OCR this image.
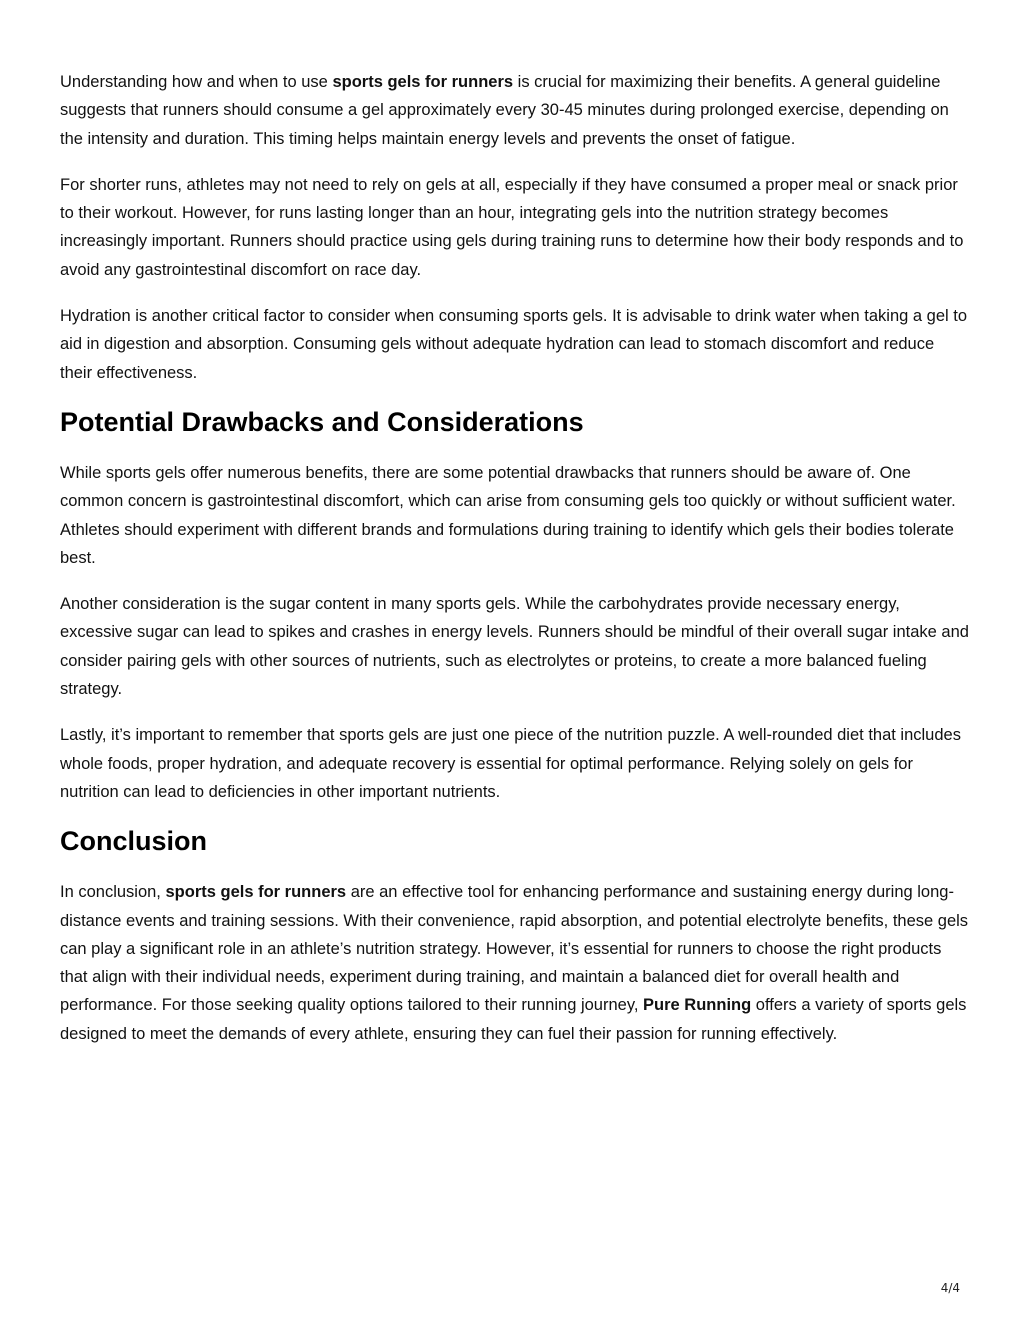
Understanding how and when to use sports gels for runners is crucial for maximizing their benefits. A general guideline suggests that runners should consume a gel approximately every 30-45 minutes during prolonged exercise, depending on the intensity and duration. This timing helps maintain energy levels and prevents the onset of fatigue.

For shorter runs, athletes may not need to rely on gels at all, especially if they have consumed a proper meal or snack prior to their workout. However, for runs lasting longer than an hour, integrating gels into the nutrition strategy becomes increasingly important. Runners should practice using gels during training runs to determine how their body responds and to avoid any gastrointestinal discomfort on race day.

Hydration is another critical factor to consider when consuming sports gels. It is advisable to drink water when taking a gel to aid in digestion and absorption. Consuming gels without adequate hydration can lead to stomach discomfort and reduce their effectiveness.

Potential Drawbacks and Considerations

While sports gels offer numerous benefits, there are some potential drawbacks that runners should be aware of. One common concern is gastrointestinal discomfort, which can arise from consuming gels too quickly or without sufficient water. Athletes should experiment with different brands and formulations during training to identify which gels their bodies tolerate best.

Another consideration is the sugar content in many sports gels. While the carbohydrates provide necessary energy, excessive sugar can lead to spikes and crashes in energy levels. Runners should be mindful of their overall sugar intake and consider pairing gels with other sources of nutrients, such as electrolytes or proteins, to create a more balanced fueling strategy.

Lastly, it’s important to remember that sports gels are just one piece of the nutrition puzzle. A well-rounded diet that includes whole foods, proper hydration, and adequate recovery is essential for optimal performance. Relying solely on gels for nutrition can lead to deficiencies in other important nutrients.

Conclusion

In conclusion, sports gels for runners are an effective tool for enhancing performance and sustaining energy during long-distance events and training sessions. With their convenience, rapid absorption, and potential electrolyte benefits, these gels can play a significant role in an athlete’s nutrition strategy. However, it’s essential for runners to choose the right products that align with their individual needs, experiment during training, and maintain a balanced diet for overall health and performance. For those seeking quality options tailored to their running journey, Pure Running offers a variety of sports gels designed to meet the demands of every athlete, ensuring they can fuel their passion for running effectively.

4/4
